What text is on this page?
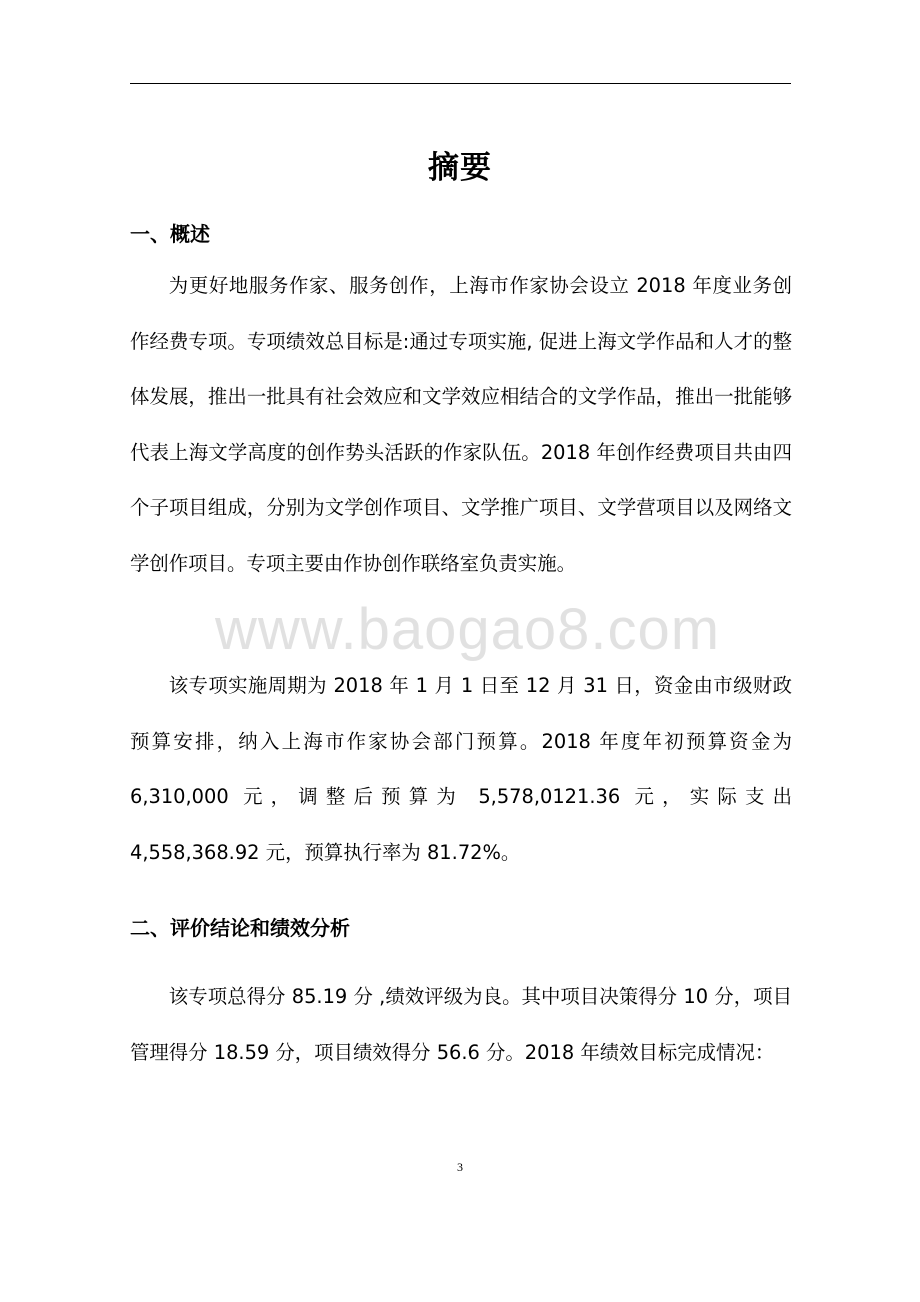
摘要
一、概述

为更好地服务作家、服务创作，上海市作家协会设立 2018 年度业务创作经费专项。专项绩效总目标是:通过专项实施, 促进上海文学作品和人才的整体发展，推出一批具有社会效应和文学效应相结合的文学作品，推出一批能够代表上海文学高度的创作势头活跃的作家队伍。2018 年创作经费项目共由四个子项目组成，分别为文学创作项目、文学推广项目、文学营项目以及网络文学创作项目。专项主要由作协创作联络室负责实施。

该专项实施周期为 2018 年 1 月 1 日至 12 月 31 日，资金由市级财政预算安排，纳入上海市作家协会部门预算。2018 年度年初预算资金为 6,310,000 元，调整后预算为 5,578,0121.36 元，实际支出 4,558,368.92 元，预算执行率为 81.72%。

二、评价结论和绩效分析

该专项总得分 85.19 分 ,绩效评级为良。其中项目决策得分 10 分，项目管理得分 18.59 分，项目绩效得分 56.6 分。2018 年绩效目标完成情况：

www.baogao8.com
3
